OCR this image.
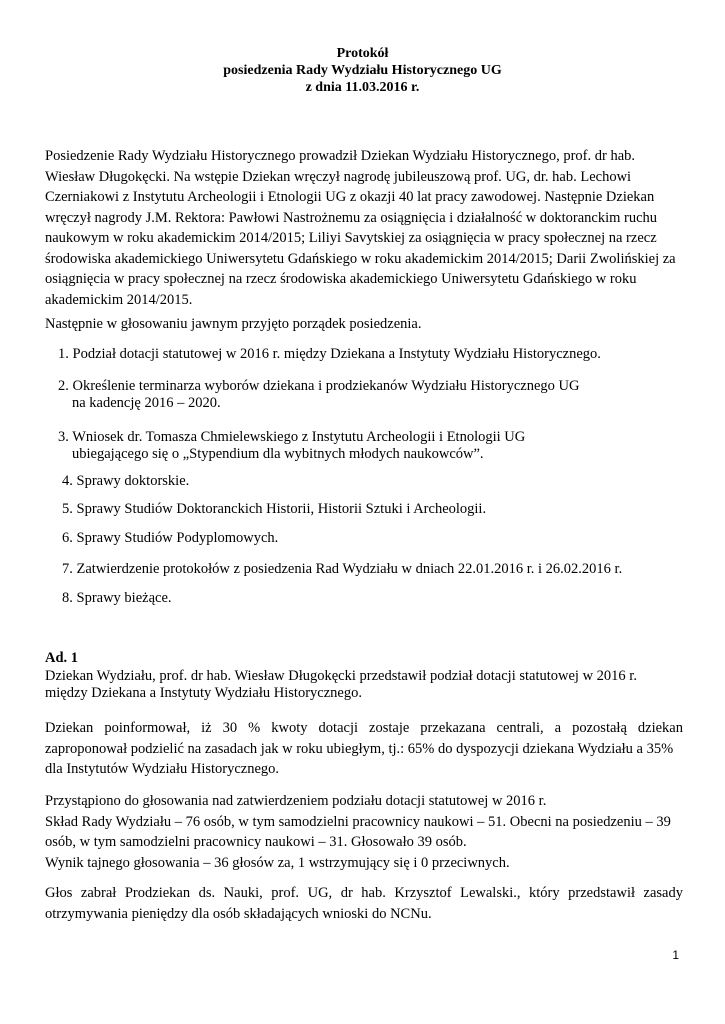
Protokół
posiedzenia Rady Wydziału Historycznego UG
z dnia 11.03.2016 r.
Posiedzenie Rady Wydziału Historycznego prowadził Dziekan Wydziału Historycznego, prof. dr hab.
Wiesław Długokęcki. Na wstępie Dziekan wręczył nagrodę jubileuszową prof. UG, dr. hab. Lechowi
Czerniakowi z Instytutu Archeologii i Etnologii UG z okazji 40 lat pracy zawodowej. Następnie Dziekan
wręczył nagrody J.M. Rektora: Pawłowi Nastrożnemu za osiągnięcia i działalność w doktoranckim ruchu
naukowym w roku akademickim 2014/2015; Liliyi Savytskiej za osiągnięcia w pracy społecznej na rzecz
środowiska akademickiego Uniwersytetu Gdańskiego w roku akademickim 2014/2015; Darii Zwolińskiej za
osiągnięcia w pracy społecznej na rzecz środowiska akademickiego Uniwersytetu Gdańskiego w roku
akademickim 2014/2015.
Następnie w głosowaniu jawnym przyjęto porządek posiedzenia.
1. Podział dotacji statutowej w 2016 r. między Dziekana a Instytuty Wydziału Historycznego.
2. Określenie terminarza wyborów dziekana i prodziekanów Wydziału Historycznego UG
na kadencję 2016 – 2020.
3. Wniosek dr. Tomasza Chmielewskiego z Instytutu Archeologii i Etnologii UG
ubiegającego się o „Stypendium dla wybitnych młodych naukowców”.
4. Sprawy doktorskie.
5. Sprawy Studiów Doktoranckich Historii, Historii Sztuki i Archeologii.
6. Sprawy Studiów Podyplomowych.
7. Zatwierdzenie protokołów z posiedzenia Rad Wydziału w dniach 22.01.2016 r. i 26.02.2016 r.
8. Sprawy bieżące.
Ad. 1
Dziekan Wydziału, prof. dr hab. Wiesław Długokęcki przedstawił podział dotacji statutowej w 2016 r.
między Dziekana a Instytuty Wydziału Historycznego.
Dziekan poinformował, iż 30 % kwoty dotacji zostaje przekazana centrali, a pozostałą dziekan
zaproponował podzielić na zasadach jak w roku ubiegłym, tj.: 65% do dyspozycji dziekana Wydziału a 35%
dla Instytutów Wydziału Historycznego.
Przystąpiono do głosowania nad zatwierdzeniem podziału dotacji statutowej w 2016 r.
Skład Rady Wydziału – 76 osób, w tym samodzielni pracownicy naukowi – 51. Obecni na posiedzeniu – 39
osób, w tym samodzielni pracownicy naukowi – 31. Głosowało 39 osób.
Wynik tajnego głosowania – 36 głosów za, 1 wstrzymujący się i 0 przeciwnych.
Głos zabrał Prodziekan ds. Nauki, prof. UG, dr hab. Krzysztof Lewalski., który przedstawił zasady
otrzymywania pieniędzy dla osób składających wnioski do NCNu.
1
